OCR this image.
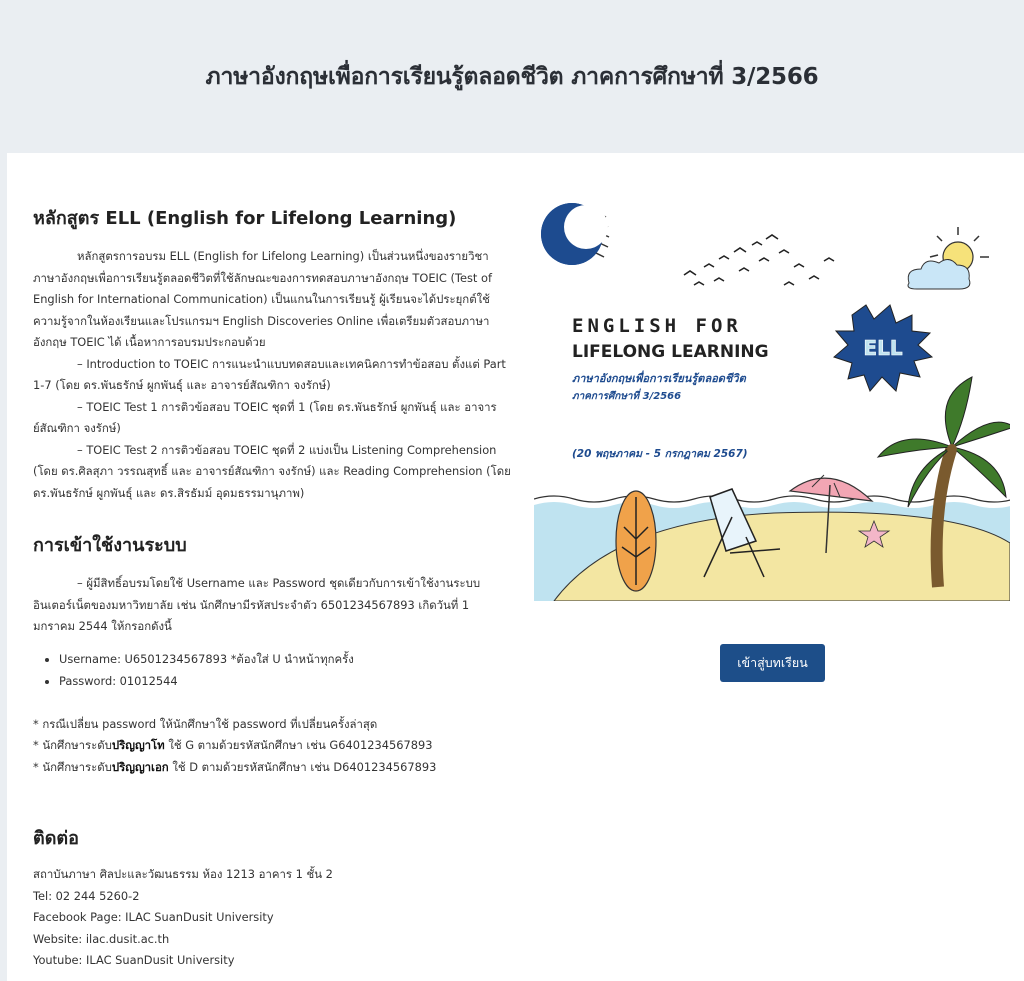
ภาษาอังกฤษเพื่อการเรียนรู้ตลอดชีวิต ภาคการศึกษาที่ 3/2566
หลักสูตร ELL (English for Lifelong Learning)

หลักสูตรการอบรม ELL (English for Lifelong Learning) เป็นส่วนหนึ่งของรายวิชาภาษาอังกฤษเพื่อการเรียนรู้ตลอดชีวิตที่ใช้ลักษณะของการทดสอบภาษาอังกฤษ TOEIC (Test of English for International Communication) เป็นแกนในการเรียนรู้ ผู้เรียนจะได้ประยุกต์ใช้ความรู้จากในห้องเรียนและโปรแกรมฯ English Discoveries Online เพื่อเตรียมตัวสอบภาษาอังกฤษ TOEIC ได้ เนื้อหาการอบรมประกอบด้วย

– Introduction to TOEIC การแนะนำแบบทดสอบและเทคนิคการทำข้อสอบ ตั้งแต่ Part 1-7 (โดย ดร.พันธรักษ์ ผูกพันธุ์ และ อาจารย์สัณฑิกา จงรักษ์)

– TOEIC Test 1 การติวข้อสอบ TOEIC ชุดที่ 1 (โดย ดร.พันธรักษ์ ผูกพันธุ์ และ อาจารย์สัณฑิกา จงรักษ์)

– TOEIC Test 2 การติวข้อสอบ TOEIC ชุดที่ 2 แบ่งเป็น Listening Comprehension (โดย ดร.ศิลสุภา วรรณสุทธิ์ และ อาจารย์สัณฑิกา จงรักษ์) และ Reading Comprehension (โดย ดร.พันธรักษ์ ผูกพันธุ์ และ ดร.สิรธัมม์ อุดมธรรมานุภาพ)

การเข้าใช้งานระบบ

– ผู้มีสิทธิ์อบรมโดยใช้ Username และ Password ชุดเดียวกับการเข้าใช้งานระบบอินเตอร์เน็ตของมหาวิทยาลัย เช่น นักศึกษามีรหัสประจำตัว 6501234567893 เกิดวันที่ 1 มกราคม 2544 ให้กรอกดังนี้

• Username: U6501234567893 *ต้องใส่ U นำหน้าทุกครั้ง
• Password: 01012544

* กรณีเปลี่ยน password ให้นักศึกษาใช้ password ที่เปลี่ยนครั้งล่าสุด

* นักศึกษาระดับปริญญาโท ใช้ G ตามด้วยรหัสนักศึกษา เช่น G6401234567893

* นักศึกษาระดับปริญญาเอก ใช้ D ตามด้วยรหัสนักศึกษา เช่น D6401234567893

ติดต่อ

สถาบันภาษา ศิลปะและวัฒนธรรม ห้อง 1213 อาคาร 1 ชั้น 2

Tel: 02 244 5260-2

Facebook Page: ILAC SuanDusit University

Website: ilac.dusit.ac.th

Youtube: ILAC SuanDusit University

ENGLISH FOR
LIFELONG LEARNING	ELL
ภาษาอังกฤษเพื่อการเรียนรู้ตลอดชีวิต
ภาคการศึกษาที่ 3/2566
(20 พฤษภาคม - 5 กรกฎาคม 2567)
เข้าสู่บทเรียน
